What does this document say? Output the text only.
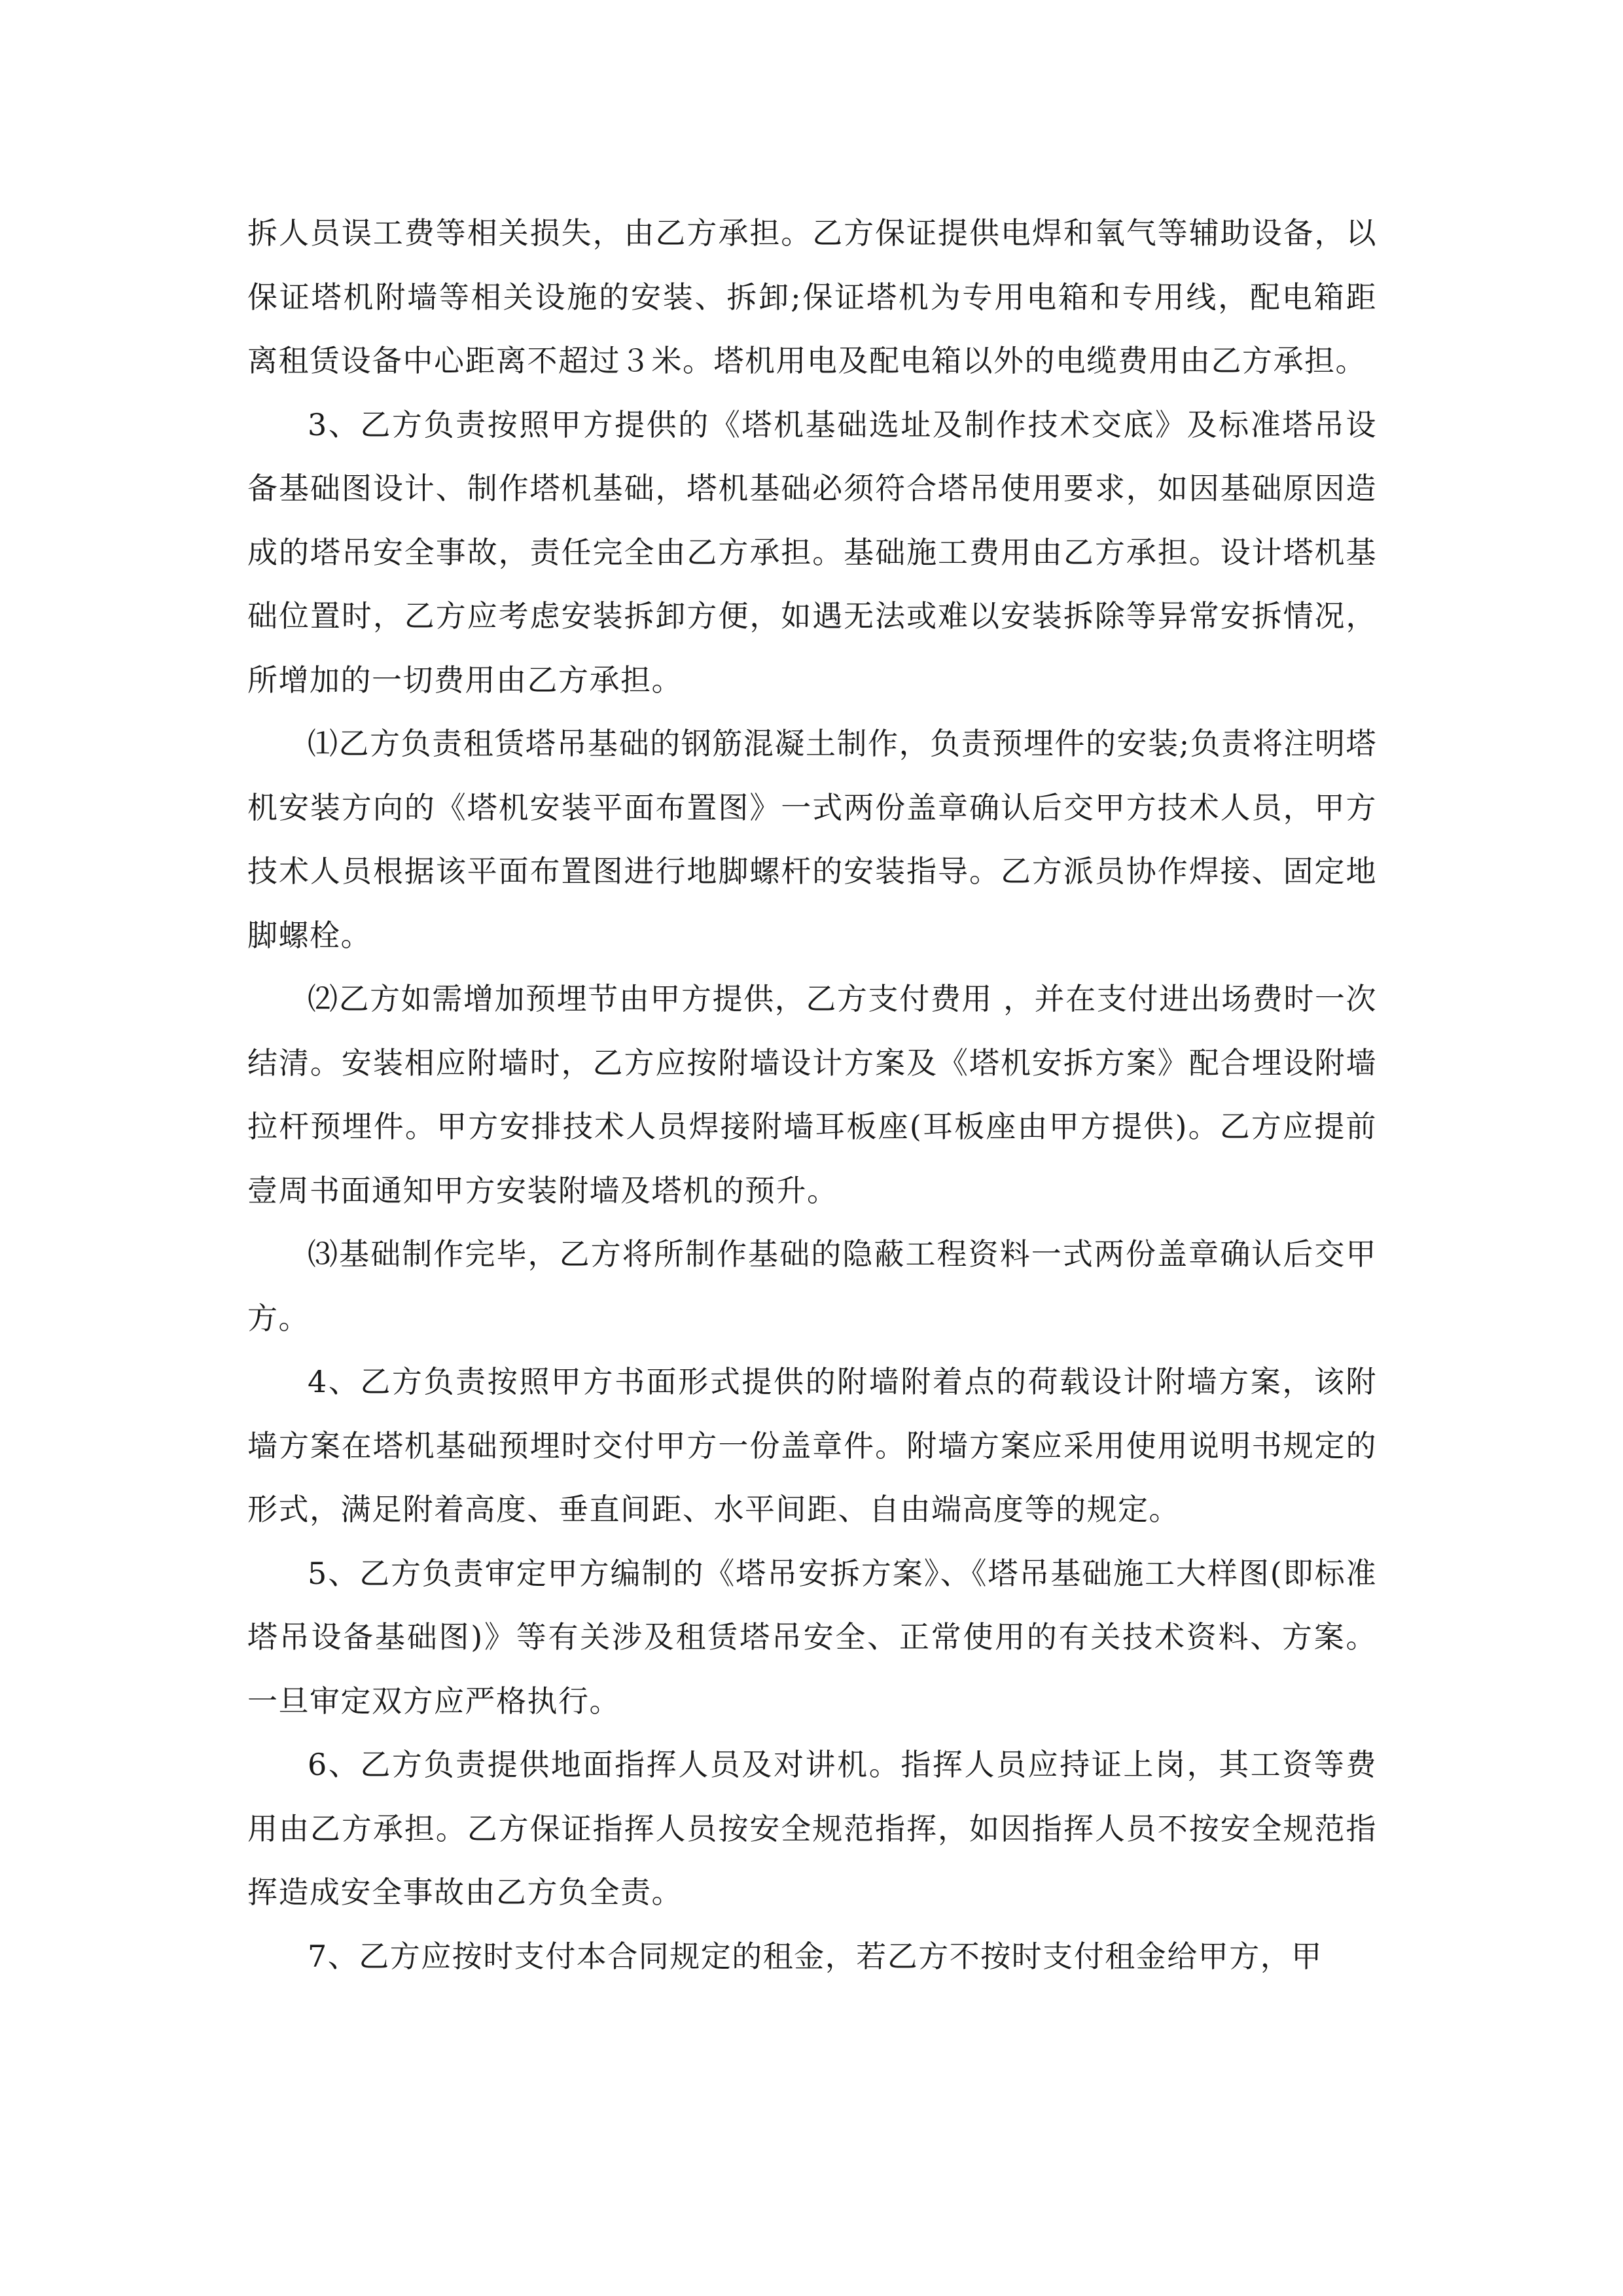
拆人员误工费等相关损失，由乙方承担。乙方保证提供电焊和氧气等辅助设备，以保证塔机附墙等相关设施的安装、拆卸;保证塔机为专用电箱和专用线，配电箱距离租赁设备中心距离不超过３米。塔机用电及配电箱以外的电缆费用由乙方承担。

3、乙方负责按照甲方提供的《塔机基础选址及制作技术交底》及标准塔吊设备基础图设计、制作塔机基础，塔机基础必须符合塔吊使用要求，如因基础原因造成的塔吊安全事故，责任完全由乙方承担。基础施工费用由乙方承担。设计塔机基础位置时，乙方应考虑安装拆卸方便，如遇无法或难以安装拆除等异常安拆情况，所增加的一切费用由乙方承担。

⑴乙方负责租赁塔吊基础的钢筋混凝土制作，负责预埋件的安装;负责将注明塔机安装方向的《塔机安装平面布置图》一式两份盖章确认后交甲方技术人员，甲方技术人员根据该平面布置图进行地脚螺杆的安装指导。乙方派员协作焊接、固定地脚螺栓。

⑵乙方如需增加预埋节由甲方提供，乙方支付费用 ，并在支付进出场费时一次结清。安装相应附墙时，乙方应按附墙设计方案及《塔机安拆方案》配合埋设附墙拉杆预埋件。甲方安排技术人员焊接附墙耳板座(耳板座由甲方提供)。乙方应提前壹周书面通知甲方安装附墙及塔机的预升。

⑶基础制作完毕，乙方将所制作基础的隐蔽工程资料一式两份盖章确认后交甲方。

4、乙方负责按照甲方书面形式提供的附墙附着点的荷载设计附墙方案，该附墙方案在塔机基础预埋时交付甲方一份盖章件。附墙方案应采用使用说明书规定的形式，满足附着高度、垂直间距、水平间距、自由端高度等的规定。

5、乙方负责审定甲方编制的《塔吊安拆方案》、《塔吊基础施工大样图(即标准塔吊设备基础图)》等有关涉及租赁塔吊安全、正常使用的有关技术资料、方案。一旦审定双方应严格执行。

6、乙方负责提供地面指挥人员及对讲机。指挥人员应持证上岗，其工资等费用由乙方承担。乙方保证指挥人员按安全规范指挥，如因指挥人员不按安全规范指挥造成安全事故由乙方负全责。

7、乙方应按时支付本合同规定的租金，若乙方不按时支付租金给甲方，甲
